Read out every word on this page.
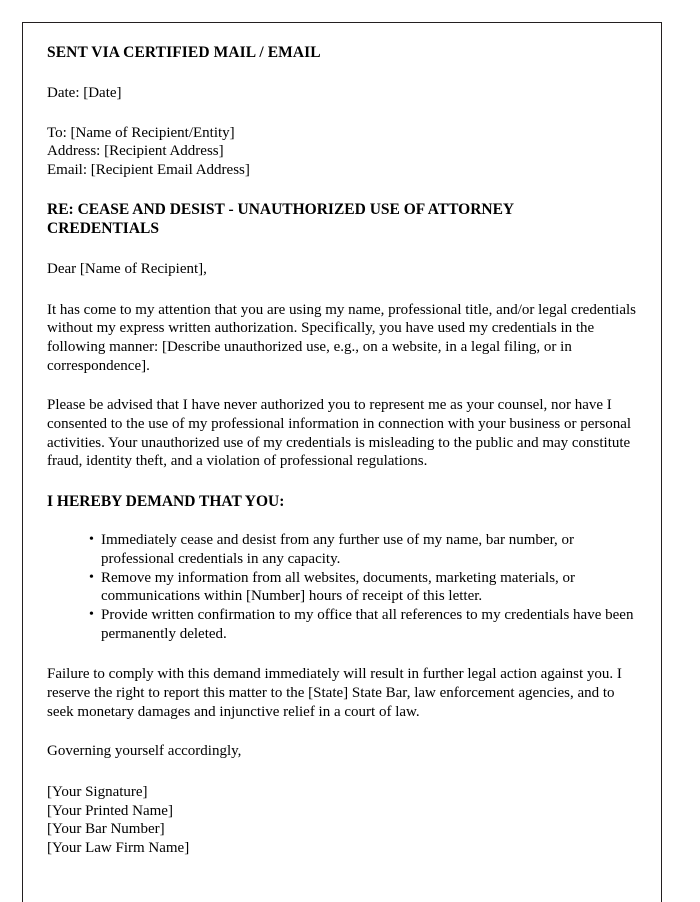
SENT VIA CERTIFIED MAIL / EMAIL

Date: [Date]

To: [Name of Recipient/Entity]

Address: [Recipient Address]

Email: [Recipient Email Address]

RE: CEASE AND DESIST - UNAUTHORIZED USE OF ATTORNEY CREDENTIALS

Dear [Name of Recipient],

It has come to my attention that you are using my name, professional title, and/or legal credentials without my express written authorization. Specifically, you have used my credentials in the following manner: [Describe unauthorized use, e.g., on a website, in a legal filing, or in correspondence].

Please be advised that I have never authorized you to represent me as your counsel, nor have I consented to the use of my professional information in connection with your business or personal activities. Your unauthorized use of my credentials is misleading to the public and may constitute fraud, identity theft, and a violation of professional regulations.

I HEREBY DEMAND THAT YOU:

• Immediately cease and desist from any further use of my name, bar number, or professional credentials in any capacity.
• Remove my information from all websites, documents, marketing materials, or communications within [Number] hours of receipt of this letter.
• Provide written confirmation to my office that all references to my credentials have been permanently deleted.

Failure to comply with this demand immediately will result in further legal action against you. I reserve the right to report this matter to the [State] State Bar, law enforcement agencies, and to seek monetary damages and injunctive relief in a court of law.

Governing yourself accordingly,

[Your Signature]

[Your Printed Name]

[Your Bar Number]

[Your Law Firm Name]
